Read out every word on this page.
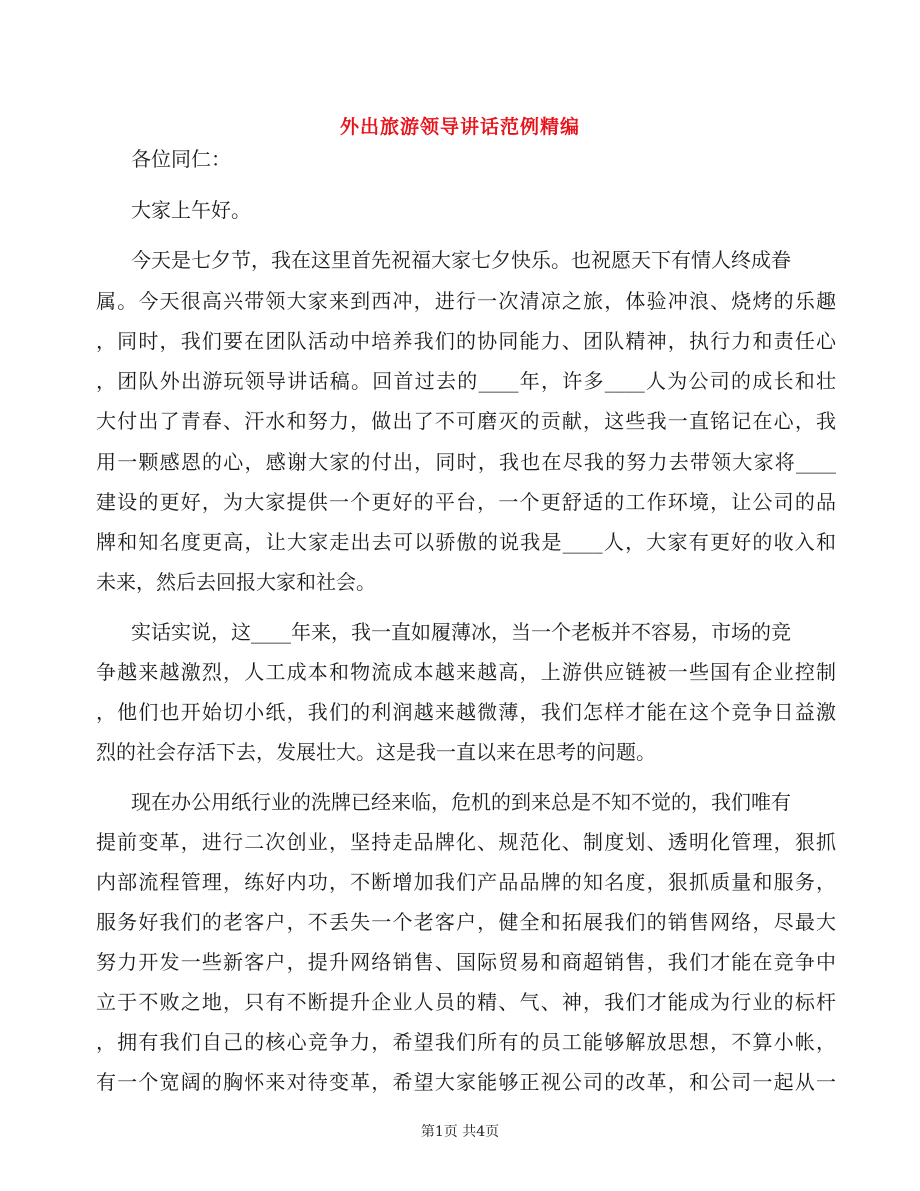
外出旅游领导讲话范例精编
各位同仁：
大家上午好。
今天是七夕节，我在这里首先祝福大家七夕快乐。也祝愿天下有情人终成眷
属。今天很高兴带领大家来到西冲，进行一次清凉之旅，体验冲浪、烧烤的乐趣
，同时，我们要在团队活动中培养我们的协同能力、团队精神，执行力和责任心
，团队外出游玩领导讲话稿。回首过去的____年，许多____人为公司的成长和壮
大付出了青春、汗水和努力，做出了不可磨灭的贡献，这些我一直铭记在心，我
用一颗感恩的心，感谢大家的付出，同时，我也在尽我的努力去带领大家将____
建设的更好，为大家提供一个更好的平台，一个更舒适的工作环境，让公司的品
牌和知名度更高，让大家走出去可以骄傲的说我是____人，大家有更好的收入和
未来，然后去回报大家和社会。
实话实说，这____年来，我一直如履薄冰，当一个老板并不容易，市场的竞
争越来越激烈，人工成本和物流成本越来越高，上游供应链被一些国有企业控制
，他们也开始切小纸，我们的利润越来越微薄，我们怎样才能在这个竞争日益激
烈的社会存活下去，发展壮大。这是我一直以来在思考的问题。
现在办公用纸行业的洗牌已经来临，危机的到来总是不知不觉的，我们唯有
提前变革，进行二次创业，坚持走品牌化、规范化、制度划、透明化管理，狠抓
内部流程管理，练好内功，不断增加我们产品品牌的知名度，狠抓质量和服务，
服务好我们的老客户，不丢失一个老客户，健全和拓展我们的销售网络，尽最大
努力开发一些新客户，提升网络销售、国际贸易和商超销售，我们才能在竞争中
立于不败之地，只有不断提升企业人员的精、气、神，我们才能成为行业的标杆
，拥有我们自己的核心竞争力，希望我们所有的员工能够解放思想，不算小帐，
有一个宽阔的胸怀来对待变革，希望大家能够正视公司的改革，和公司一起从一
第1页 共4页
